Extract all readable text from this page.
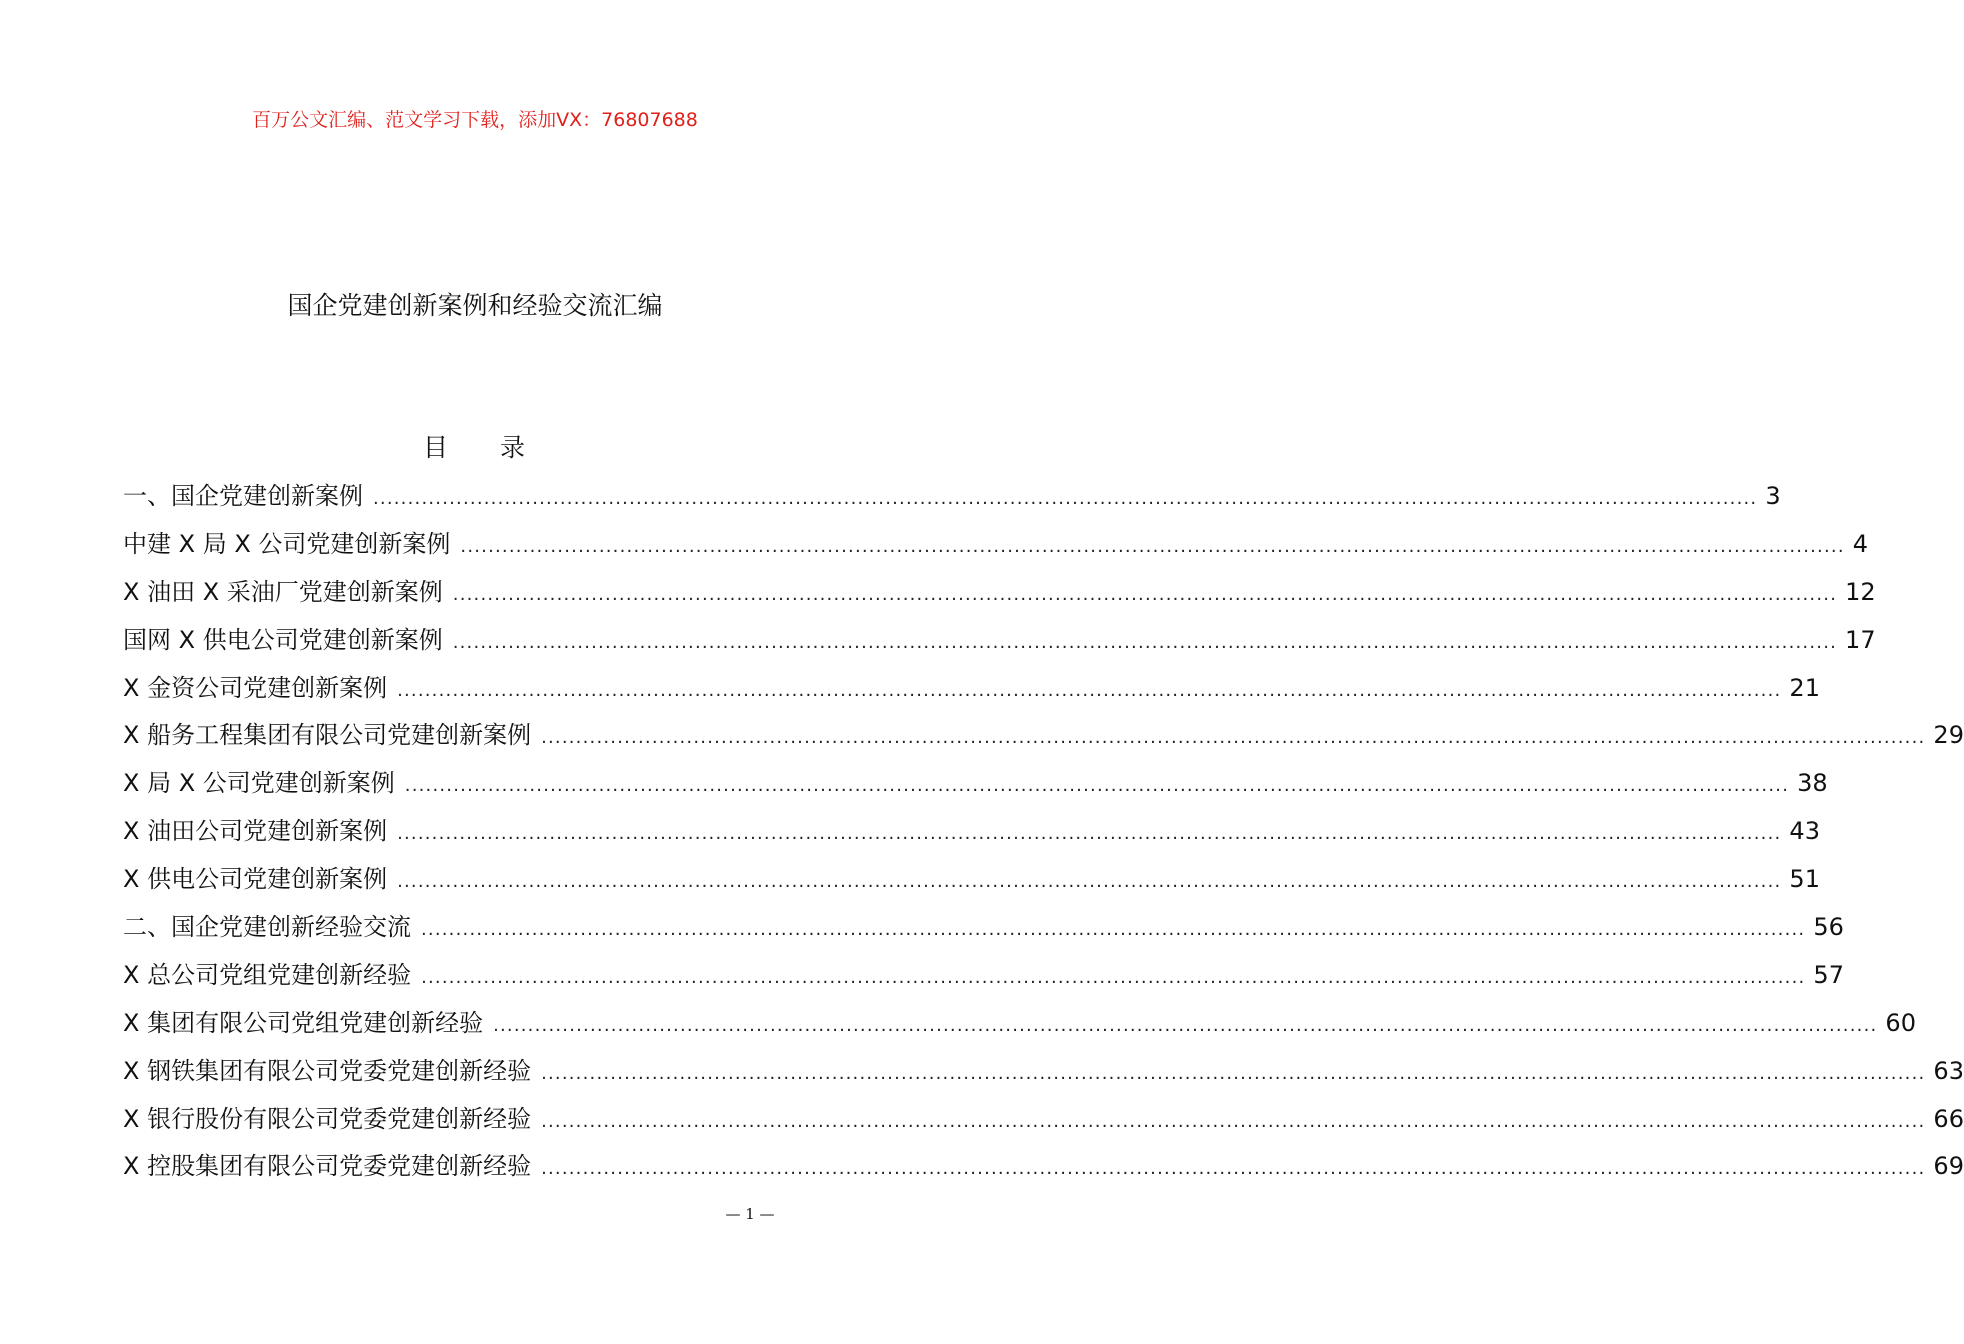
百万公文汇编、范文学习下载，添加VX：76807688
国企党建创新案例和经验交流汇编
目 录
一、国企党建创新案例 ........................................................................................................................................................................................................ 3
中建 X 局 X 公司党建创新案例 ........................................................................................................................................................................................................ 4
X 油田 X 采油厂党建创新案例 ........................................................................................................................................................................................................ 12
国网 X 供电公司党建创新案例 ........................................................................................................................................................................................................ 17
X 金资公司党建创新案例 ........................................................................................................................................................................................................ 21
X 船务工程集团有限公司党建创新案例 ........................................................................................................................................................................................................ 29
X 局 X 公司党建创新案例 ........................................................................................................................................................................................................ 38
X 油田公司党建创新案例 ........................................................................................................................................................................................................ 43
X 供电公司党建创新案例 ........................................................................................................................................................................................................ 51
二、国企党建创新经验交流 ........................................................................................................................................................................................................ 56
X 总公司党组党建创新经验 ........................................................................................................................................................................................................ 57
X 集团有限公司党组党建创新经验 ........................................................................................................................................................................................................ 60
X 钢铁集团有限公司党委党建创新经验 ........................................................................................................................................................................................................ 63
X 银行股份有限公司党委党建创新经验 ........................................................................................................................................................................................................ 66
X 控股集团有限公司党委党建创新经验 ........................................................................................................................................................................................................ 69
— 1 —
